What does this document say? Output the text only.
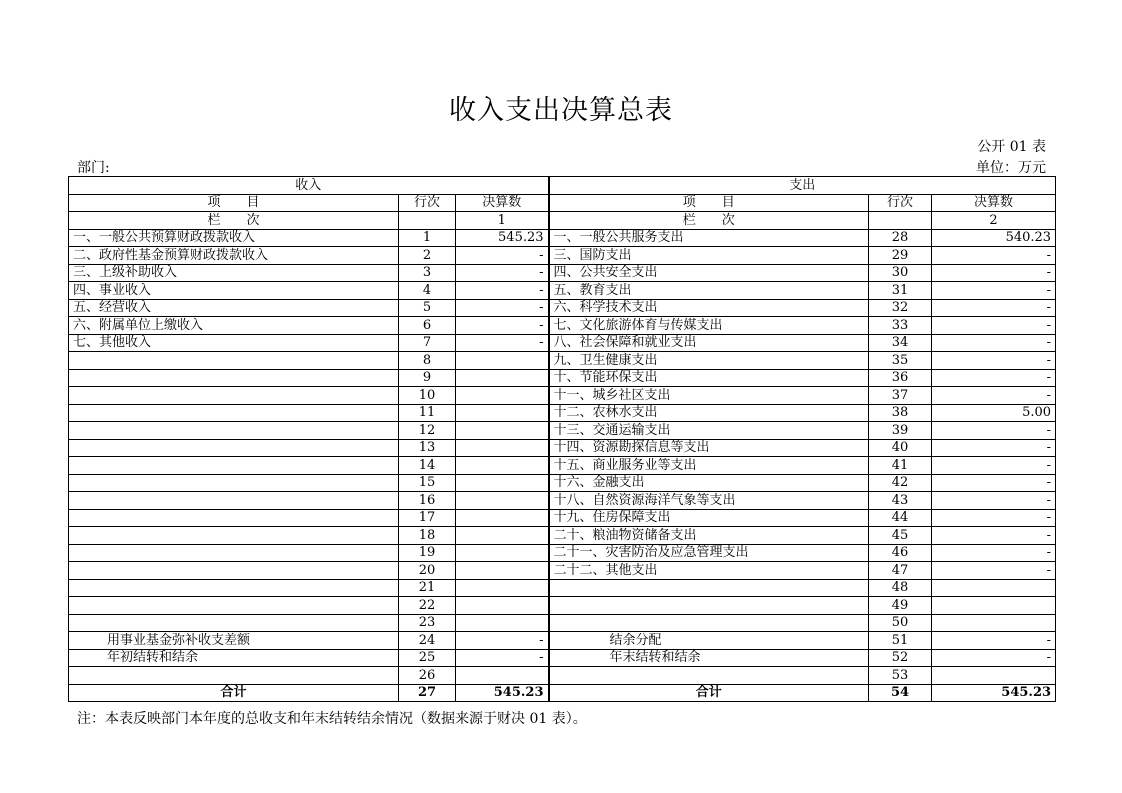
收入支出决算总表
公开 01 表
部门:	单位：万元
收入			支出		
项　　目	行次	决算数	项　　目	行次	决算数
栏　　次		1	栏　　次		2
一、一般公共预算财政拨款收入	1	545.23	一、一般公共服务支出	28	540.23
二、政府性基金预算财政拨款收入	2	-	三、国防支出	29	-
三、上级补助收入	3	-	四、公共安全支出	30	-
四、事业收入	4	-	五、教育支出	31	-
五、经营收入	5	-	六、科学技术支出	32	-
六、附属单位上缴收入	6	-	七、文化旅游体育与传媒支出	33	-
七、其他收入	7	-	八、社会保障和就业支出	34	-
	8		九、卫生健康支出	35	-
	9		十、节能环保支出	36	-
	10		十一、城乡社区支出	37	-
	11		十二、农林水支出	38	5.00
	12		十三、交通运输支出	39	-
	13		十四、资源勘探信息等支出	40	-
	14		十五、商业服务业等支出	41	-
	15		十六、金融支出	42	-
	16		十八、自然资源海洋气象等支出	43	-
	17		十九、住房保障支出	44	-
	18		二十、粮油物资储备支出	45	-
	19		二十一、灾害防治及应急管理支出	46	-
	20		二十二、其他支出	47	-
	21			48	
	22			49	
	23			50	
用事业基金弥补收支差额	24	-	结余分配	51	-
年初结转和结余	25	-	年末结转和结余	52	-
	26			53	
合计	27	545.23	合计	54	545.23
注：本表反映部门本年度的总收支和年末结转结余情况（数据来源于财决 01 表）。
